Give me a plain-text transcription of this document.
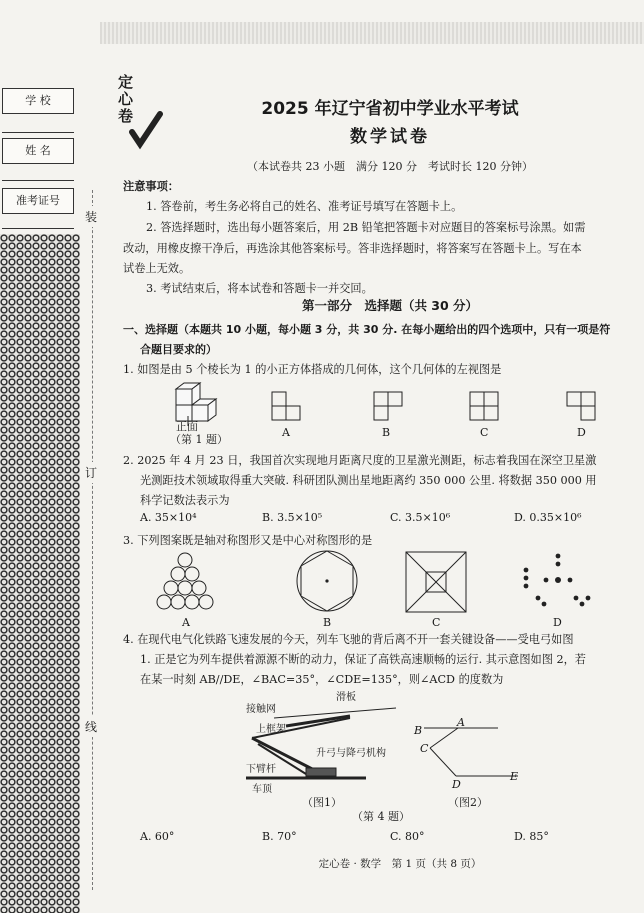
学 校
姓 名
准考证号
装
订
线
定心卷	2025 年辽宁省初中学业水平考试
数学试卷
（本试卷共 23 小题　满分 120 分　考试时长 120 分钟）
注意事项：
1. 答卷前，考生务必将自己的姓名、准考证号填写在答题卡上。
2. 答选择题时，选出每小题答案后，用 2B 铅笔把答题卡对应题目的答案标号涂黑。如需
改动，用橡皮擦干净后，再选涂其他答案标号。答非选择题时，将答案写在答题卡上。写在本
试卷上无效。
3. 考试结束后，将本试卷和答题卡一并交回。
第一部分　选择题（共 30 分）
一、选择题（本题共 10 小题，每小题 3 分，共 30 分. 在每小题给出的四个选项中，只有一项是符
合题目要求的）
1. 如图是由 5 个棱长为 1 的小正方体搭成的几何体，这个几何体的左视图是
正面
（第 1 题）
A	B	C	D
2. 2025 年 4 月 23 日，我国首次实现地月距离尺度的卫星激光测距，标志着我国在深空卫星激
光测距技术领域取得重大突破. 科研团队测出星地距离约 350 000 公里. 将数据 350 000 用
科学记数法表示为
A. 35×10⁴	B. 3.5×10⁵	C. 3.5×10⁶	D. 0.35×10⁶
3. 下列图案既是轴对称图形又是中心对称图形的是
A	B	C	D
4. 在现代电气化铁路飞速发展的今天，列车飞驰的背后离不开一套关键设备——受电弓如图
1. 正是它为列车提供着源源不断的动力，保证了高铁高速顺畅的运行. 其示意图如图 2，若
在某一时刻 AB//DE，∠BAC=35°，∠CDE=135°，则∠ACD 的度数为
滑板
接触网
上框架
升弓与降弓机构
下臂杆
车顶
（图1）
A
B
C
D
E
（图2）
（第 4 题）
A. 60°	B. 70°	C. 80°	D. 85°
定心卷 · 数学　第 1 页（共 8 页）
